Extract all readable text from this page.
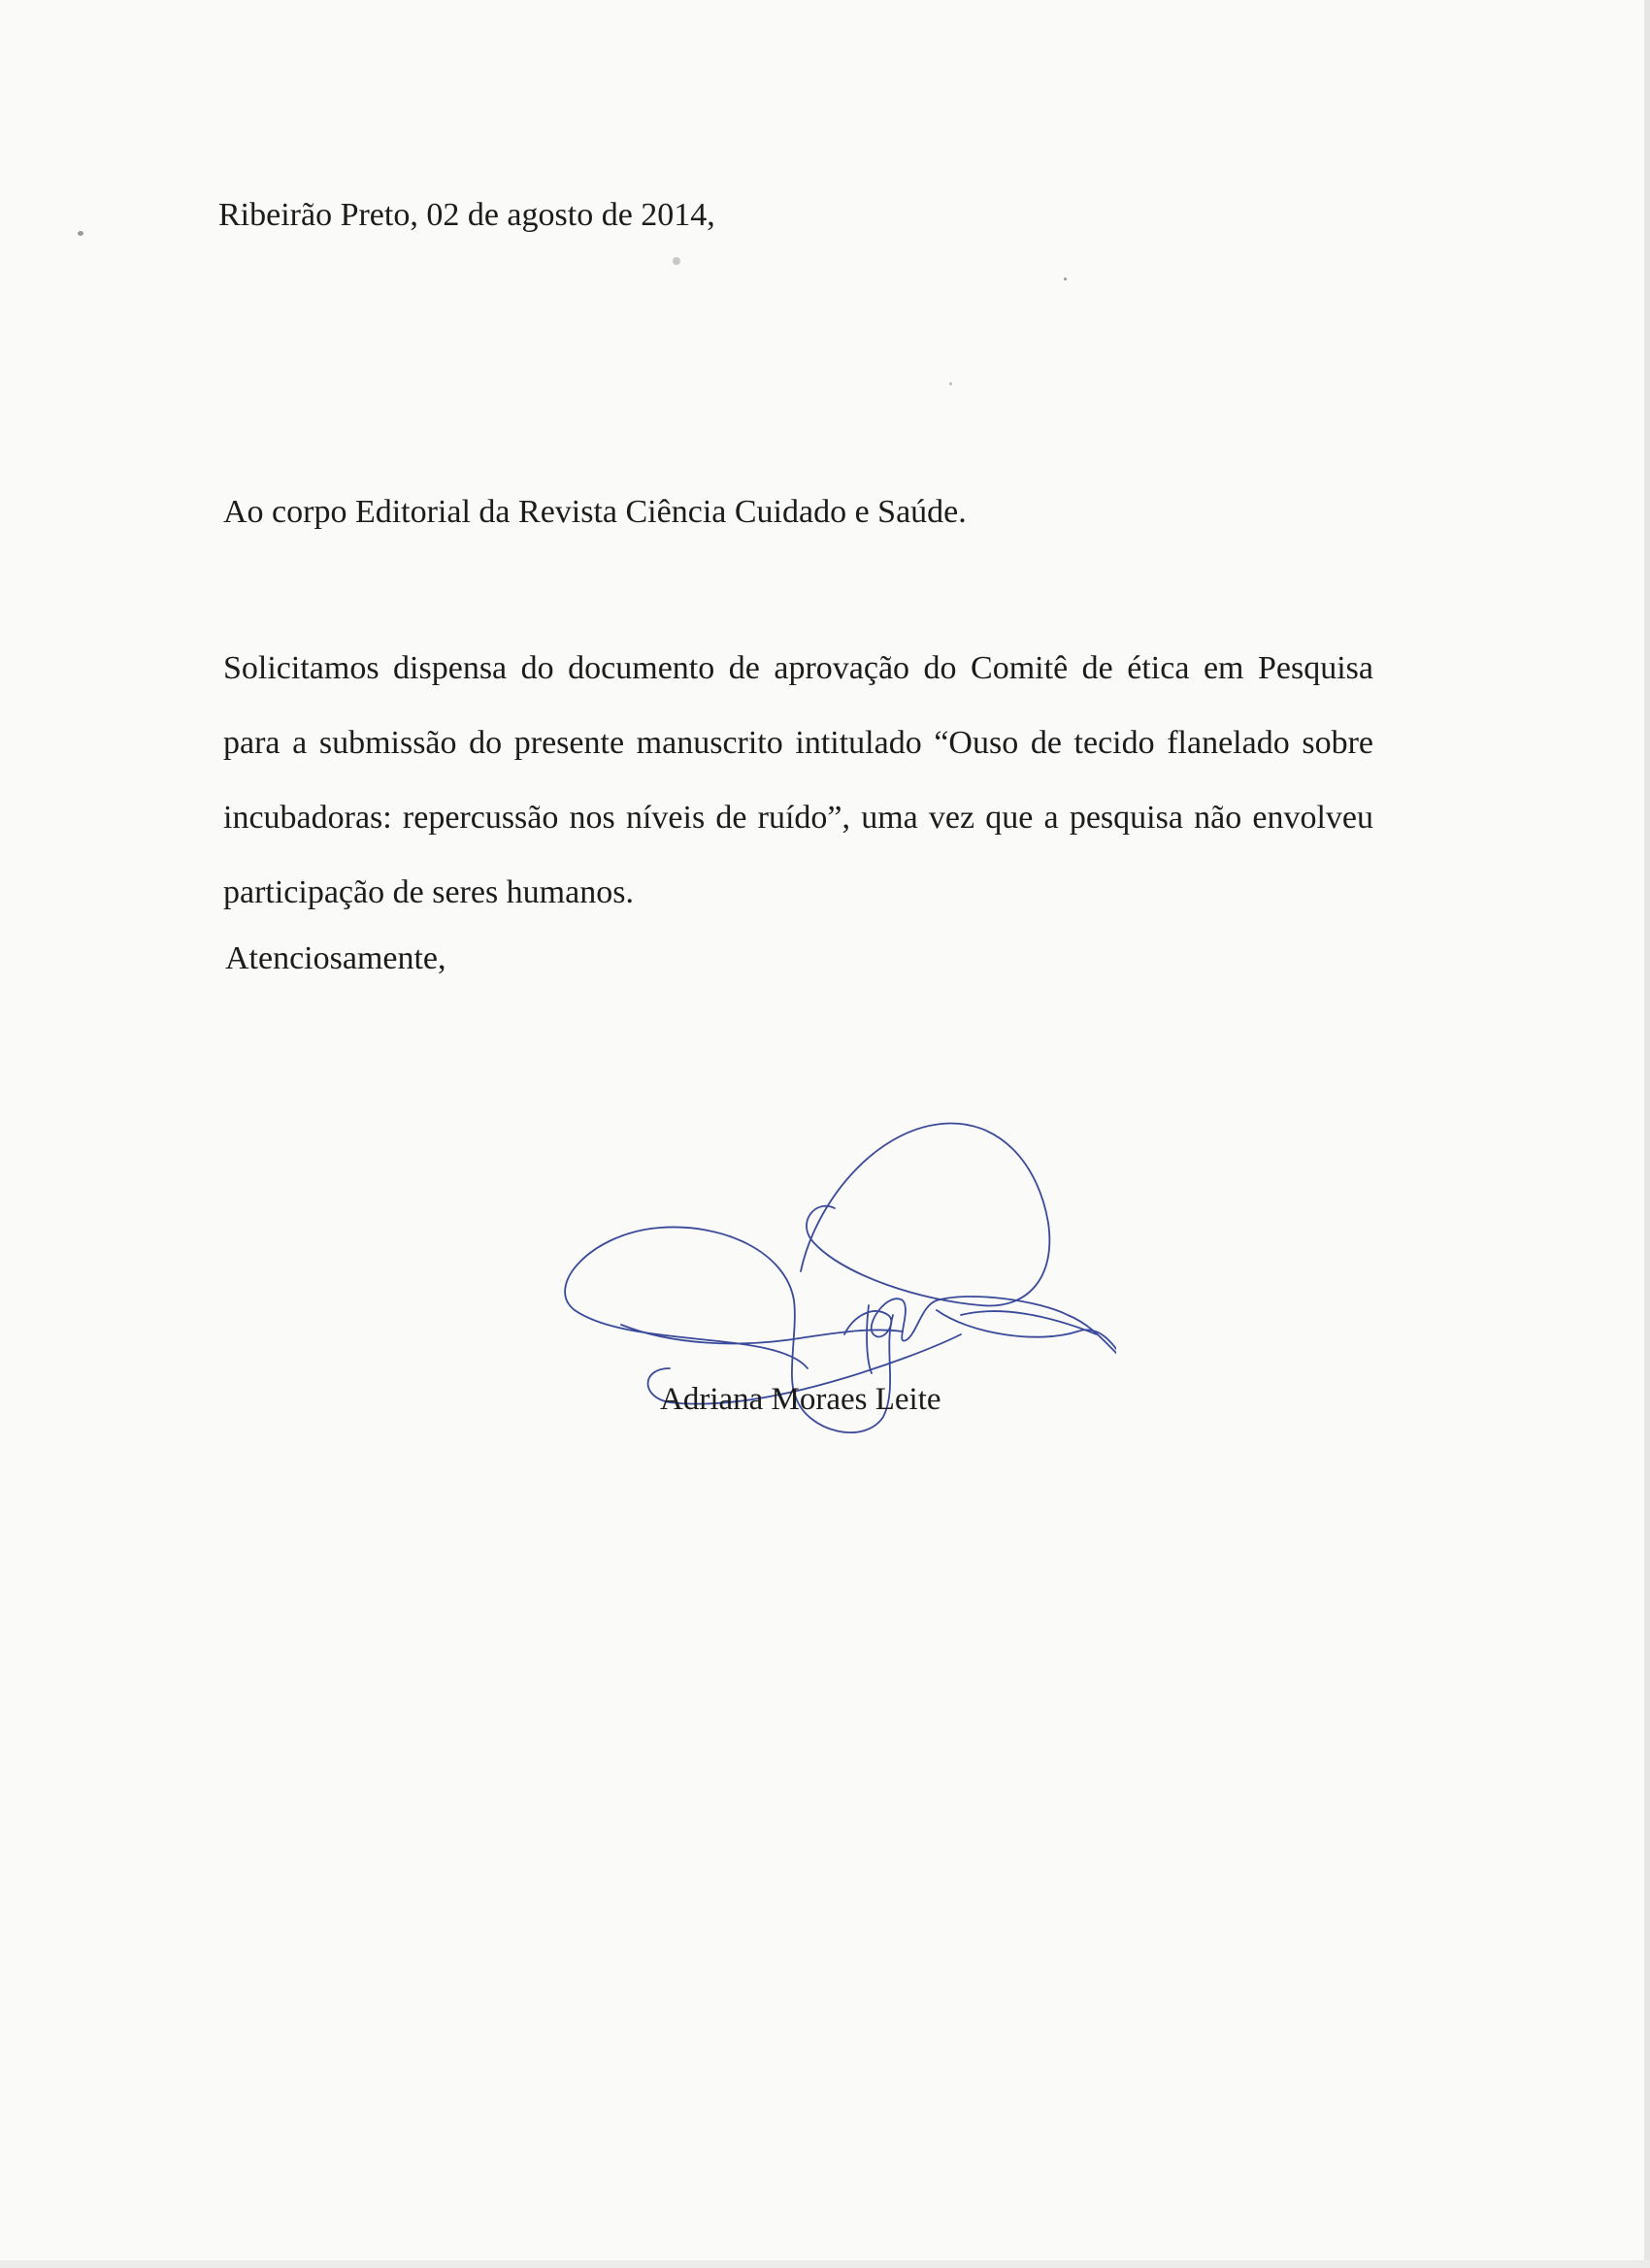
Ribeirão Preto, 02 de agosto de 2014,
Ao corpo Editorial da Revista Ciência Cuidado e Saúde.
Solicitamos dispensa do documento de aprovação do Comitê de ética em Pesquisa para a submissão do presente manuscrito intitulado “Ouso de tecido flanelado sobre incubadoras: repercussão nos níveis de ruído”, uma vez que a pesquisa não envolveu participação de seres humanos.
Atenciosamente,
Adriana Moraes Leite
